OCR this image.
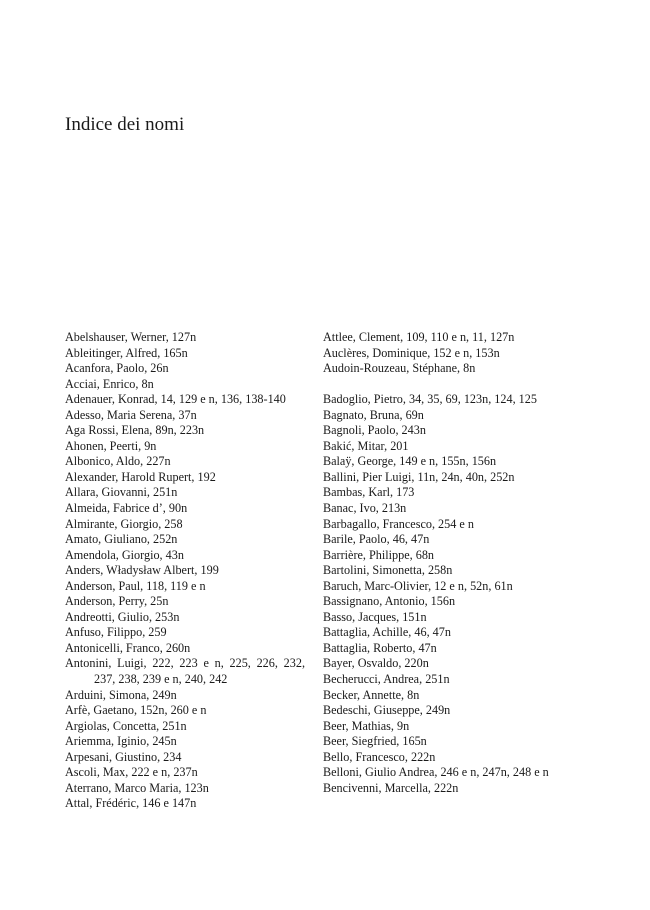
Indice dei nomi
Abelshauser, Werner, 127n
Ableitinger, Alfred, 165n
Acanfora, Paolo, 26n
Acciai, Enrico, 8n
Adenauer, Konrad, 14, 129 e n, 136, 138-140
Adesso, Maria Serena, 37n
Aga Rossi, Elena, 89n, 223n
Ahonen, Peerti, 9n
Albonico, Aldo, 227n
Alexander, Harold Rupert, 192
Allara, Giovanni, 251n
Almeida, Fabrice d’, 90n
Almirante, Giorgio, 258
Amato, Giuliano, 252n
Amendola, Giorgio, 43n
Anders, Władysław Albert, 199
Anderson, Paul, 118, 119 e n
Anderson, Perry, 25n
Andreotti, Giulio, 253n
Anfuso, Filippo, 259
Antonicelli, Franco, 260n
Antonini, Luigi, 222, 223 e n, 225, 226, 232, 237, 238, 239 e n, 240, 242
Arduini, Simona, 249n
Arfè, Gaetano, 152n, 260 e n
Argiolas, Concetta, 251n
Ariemma, Iginio, 245n
Arpesani, Giustino, 234
Ascoli, Max, 222 e n, 237n
Aterrano, Marco Maria, 123n
Attal, Frédéric, 146 e 147n
Attlee, Clement, 109, 110 e n, 11, 127n
Auclères, Dominique, 152 e n, 153n
Audoin-Rouzeau, Stéphane, 8n
Badoglio, Pietro, 34, 35, 69, 123n, 124, 125
Bagnato, Bruna, 69n
Bagnoli, Paolo, 243n
Bakić, Mitar, 201
Balaÿ, George, 149 e n, 155n, 156n
Ballini, Pier Luigi, 11n, 24n, 40n, 252n
Bambas, Karl, 173
Banac, Ivo, 213n
Barbagallo, Francesco, 254 e n
Barile, Paolo, 46, 47n
Barrière, Philippe, 68n
Bartolini, Simonetta, 258n
Baruch, Marc-Olivier, 12 e n, 52n, 61n
Bassignano, Antonio, 156n
Basso, Jacques, 151n
Battaglia, Achille, 46, 47n
Battaglia, Roberto, 47n
Bayer, Osvaldo, 220n
Becherucci, Andrea, 251n
Becker, Annette, 8n
Bedeschi, Giuseppe, 249n
Beer, Mathias, 9n
Beer, Siegfried, 165n
Bello, Francesco, 222n
Belloni, Giulio Andrea, 246 e n, 247n, 248 e n
Bencivenni, Marcella, 222n
